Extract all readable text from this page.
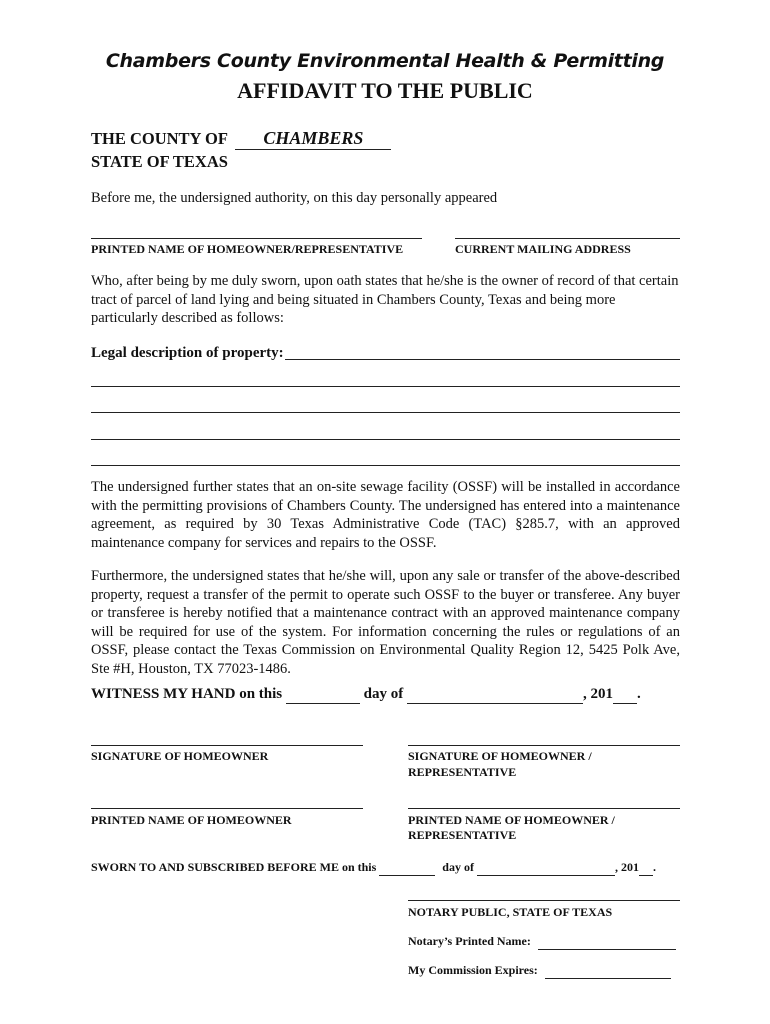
Chambers County Environmental Health & Permitting
AFFIDAVIT TO THE PUBLIC
THE COUNTY OF CHAMBERS
STATE OF TEXAS
Before me, the undersigned authority, on this day personally appeared
PRINTED NAME OF HOMEOWNER/REPRESENTATIVE	CURRENT MAILING ADDRESS
Who, after being by me duly sworn, upon oath states that he/she is the owner of record of that certain tract of parcel of land lying and being situated in Chambers County, Texas and being more particularly described as follows:
Legal description of property:
The undersigned further states that an on-site sewage facility (OSSF) will be installed in accordance with the permitting provisions of Chambers County. The undersigned has entered into a maintenance agreement, as required by 30 Texas Administrative Code (TAC) §285.7, with an approved maintenance company for services and repairs to the OSSF.
Furthermore, the undersigned states that he/she will, upon any sale or transfer of the above-described property, request a transfer of the permit to operate such OSSF to the buyer or transferee. Any buyer or transferee is hereby notified that a maintenance contract with an approved maintenance company will be required for use of the system. For information concerning the rules or regulations of an OSSF, please contact the Texas Commission on Environmental Quality Region 12, 5425 Polk Ave, Ste #H, Houston, TX 77023-1486.
WITNESS MY HAND on this	day of	, 201 .
SIGNATURE OF HOMEOWNER	SIGNATURE OF HOMEOWNER /
REPRESENTATIVE
PRINTED NAME OF HOMEOWNER	PRINTED NAME OF HOMEOWNER /
REPRESENTATIVE
SWORN TO AND SUBSCRIBED BEFORE ME on this	day of	, 201 .
NOTARY PUBLIC, STATE OF TEXAS
Notary’s Printed Name:
My Commission Expires:
